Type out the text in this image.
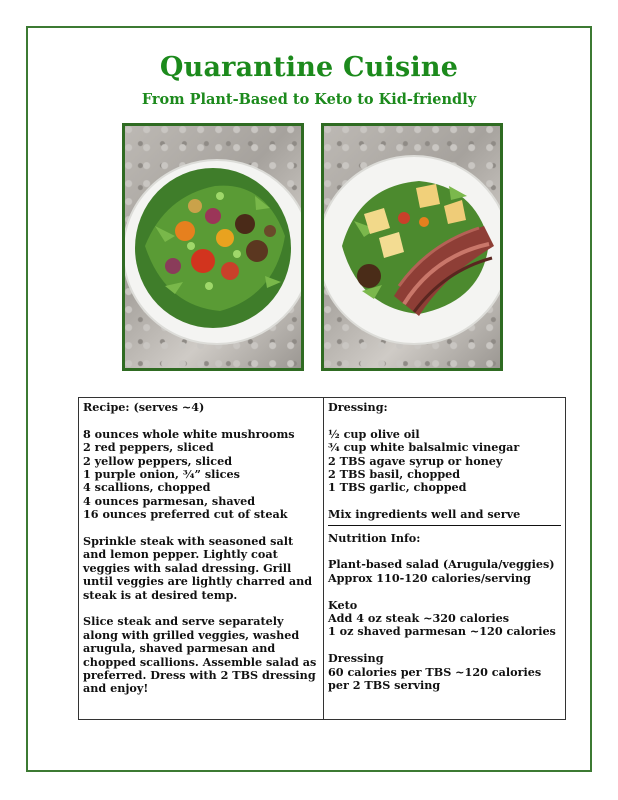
Quarantine Cuisine
From Plant-Based to Keto to Kid-friendly
Recipe: (serves ~4)
8 ounces whole white mushrooms
2 red peppers, sliced
2 yellow peppers, sliced
1 purple onion, ¾” slices
4 scallions, chopped
4 ounces parmesan, shaved
16 ounces preferred cut of steak
Sprinkle steak with seasoned salt and lemon pepper. Lightly coat veggies with salad dressing. Grill until veggies are lightly charred and steak is at desired temp.
Slice steak and serve separately along with grilled veggies, washed arugula, shaved parmesan and chopped scallions. Assemble salad as preferred. Dress with 2 TBS dressing and enjoy!

Dressing:
½ cup olive oil
¾ cup white balsalmic vinegar
2 TBS agave syrup or honey
2 TBS basil, chopped
1 TBS garlic, chopped
Mix ingredients well and serve
Nutrition Info:
Plant-based salad (Arugula/veggies)
Approx 110-120 calories/serving
Keto
Add 4 oz steak ~320 calories
1 oz shaved parmesan ~120 calories
Dressing
60 calories per TBS ~120 calories
per 2 TBS serving
